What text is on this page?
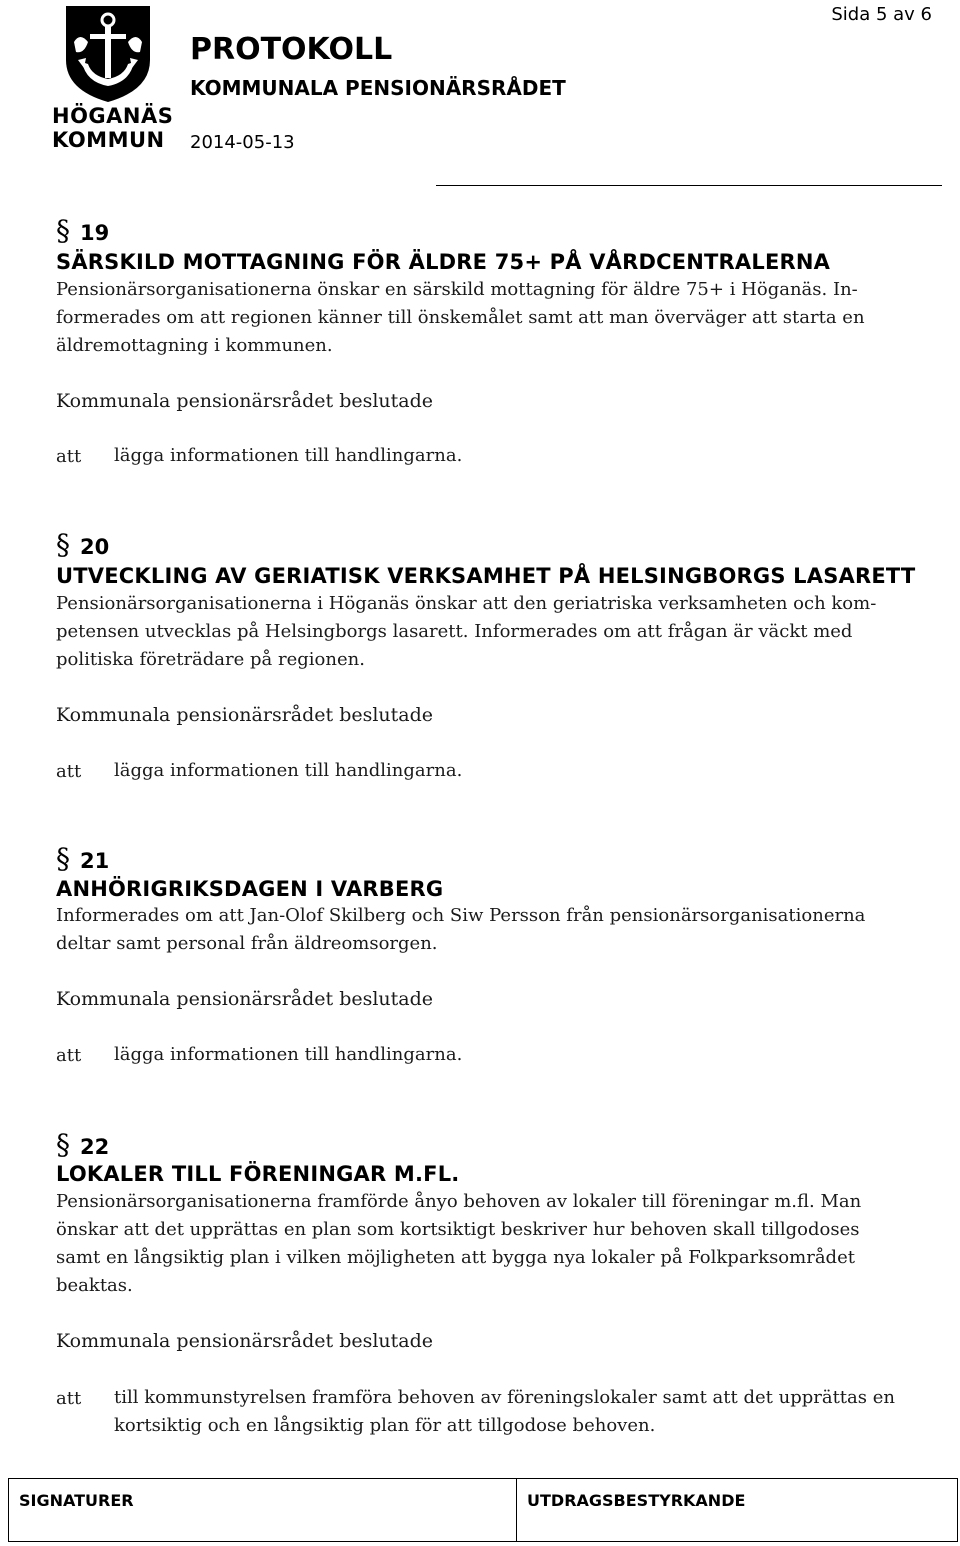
HÖGANÄS
KOMMUN
PROTOKOLL
KOMMUNALA PENSIONÄRSRÅDET
2014-05-13
Sida 5 av 6
§ 19
SÄRSKILD MOTTAGNING FÖR ÄLDRE 75+ PÅ VÅRDCENTRALERNA
Pensionärsorganisationerna önskar en särskild mottagning för äldre 75+ i Höganäs. In-
formerades om att regionen känner till önskemålet samt att man överväger att starta en
äldremottagning i kommunen.
Kommunala pensionärsrådet beslutade
att lägga informationen till handlingarna.
§ 20
UTVECKLING AV GERIATISK VERKSAMHET PÅ HELSINGBORGS LASARETT
Pensionärsorganisationerna i Höganäs önskar att den geriatriska verksamheten och kom-
petensen utvecklas på Helsingborgs lasarett. Informerades om att frågan är väckt med
politiska företrädare på regionen.
Kommunala pensionärsrådet beslutade
att lägga informationen till handlingarna.
§ 21
ANHÖRIGRIKSDAGEN I VARBERG
Informerades om att Jan-Olof Skilberg och Siw Persson från pensionärsorganisationerna
deltar samt personal från äldreomsorgen.
Kommunala pensionärsrådet beslutade
att lägga informationen till handlingarna.
§ 22
LOKALER TILL FÖRENINGAR M.FL.
Pensionärsorganisationerna framförde ånyo behoven av lokaler till föreningar m.fl. Man
önskar att det upprättas en plan som kortsiktigt beskriver hur behoven skall tillgodoses
samt en långsiktig plan i vilken möjligheten att bygga nya lokaler på Folkparksområdet
beaktas.
Kommunala pensionärsrådet beslutade
att till kommunstyrelsen framföra behoven av föreningslokaler samt att det upprättas en
kortsiktig och en långsiktig plan för att tillgodose behoven.
SIGNATURER	UTDRAGSBESTYRKANDE
